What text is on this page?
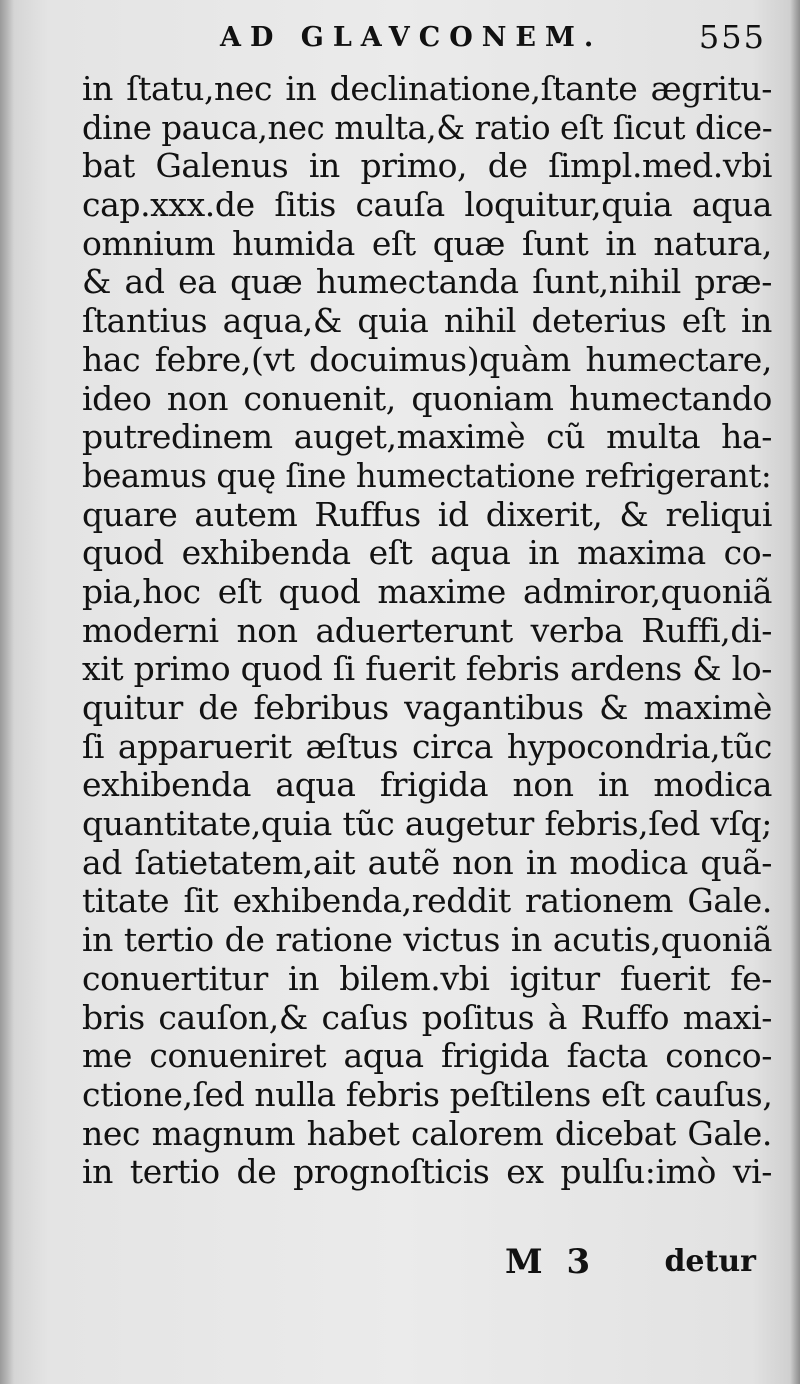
AD GLAVCONEM.	555
in ſtatu,nec in declinatione,ſtante ægritu-
dine pauca,nec multa,& ratio eſt ſicut dice-
bat Galenus in primo, de ſimpl.med.vbi
cap.xxx.de ſitis cauſa loquitur,quia aqua
omnium humida eſt quæ ſunt in natura,
& ad ea quæ humectanda ſunt,nihil præ-
ſtantius aqua,& quia nihil deterius eſt in
hac febre,(vt docuimus)quàm humectare,
ideo non conuenit, quoniam humectando
putredinem auget,maximè cũ multa ha-
beamus quę ſine humectatione refrigerant:
quare autem Ruffus id dixerit, & reliqui
quod exhibenda eſt aqua in maxima co-
pia,hoc eſt quod maxime admiror,quoniã
moderni non aduerterunt verba Ruffi,di-
xit primo quod ſi fuerit febris ardens & lo-
quitur de febribus vagantibus & maximè
ſi apparuerit æſtus circa hypocondria,tũc
exhibenda aqua frigida non in modica
quantitate,quia tũc augetur febris,ſed vſq;
ad ſatietatem,ait autẽ non in modica quã-
titate ſit exhibenda,reddit rationem Gale.
in tertio de ratione victus in acutis,quoniã
conuertitur in bilem.vbi igitur fuerit fe-
bris cauſon,& caſus poſitus à Ruffo maxi-
me conueniret aqua frigida facta conco-
ctione,ſed nulla febris peſtilens eſt cauſus,
nec magnum habet calorem dicebat Gale.
in tertio de prognoſticis ex pulſu:imò vi-
M 3 detur
